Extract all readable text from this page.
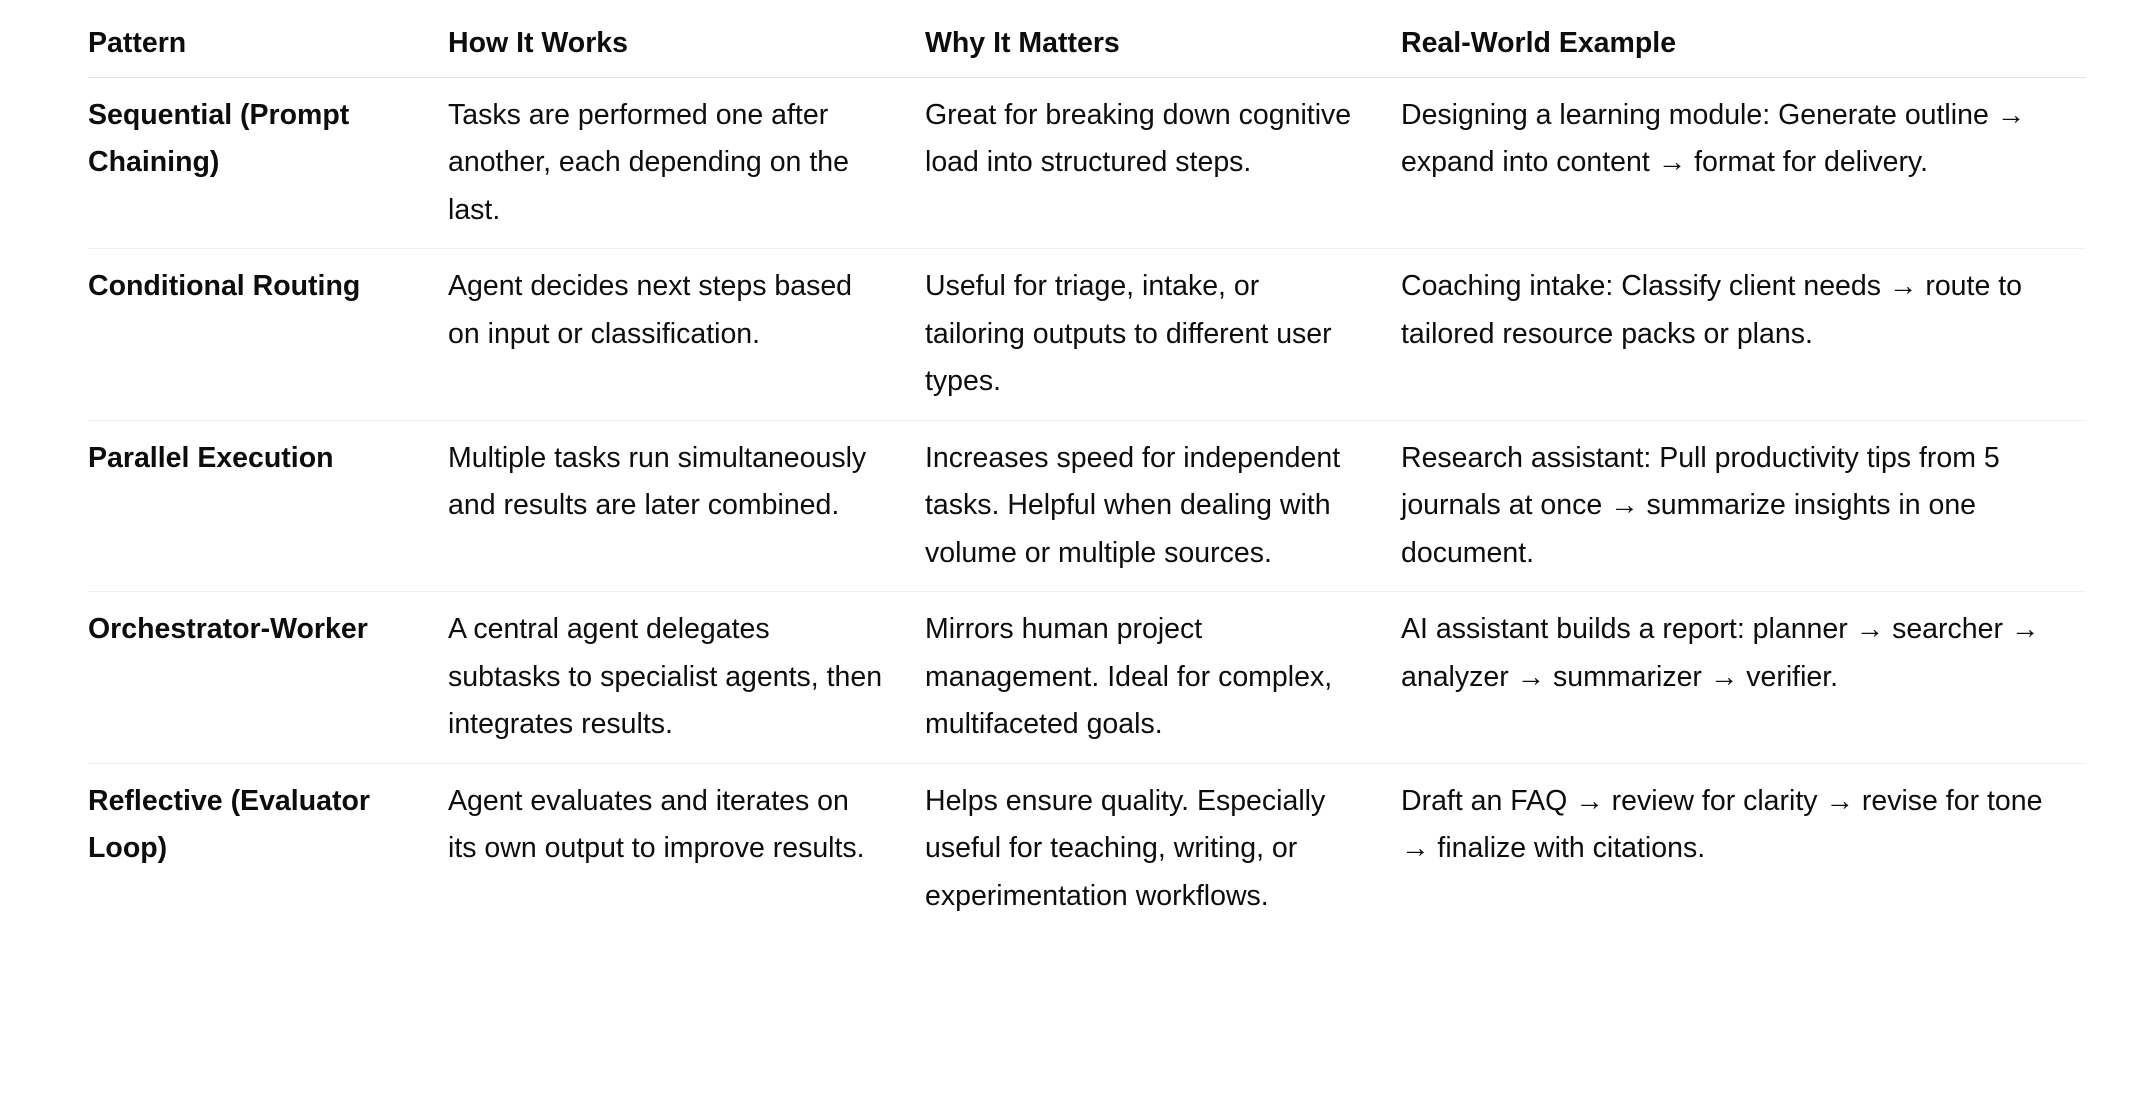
Pattern	How It Works	Why It Matters	Real-World Example
Sequential (Prompt Chaining)	Tasks are performed one after another, each depending on the last.	Great for breaking down cognitive load into structured steps.	Designing a learning module: Generate outline → expand into content → format for delivery.
Conditional Routing	Agent decides next steps based on input or classification.	Useful for triage, intake, or tailoring outputs to different user types.	Coaching intake: Classify client needs → route to tailored resource packs or plans.
Parallel Execution	Multiple tasks run simultaneously and results are later combined.	Increases speed for independent tasks. Helpful when dealing with volume or multiple sources.	Research assistant: Pull productivity tips from 5 journals at once → summarize insights in one document.
Orchestrator-Worker	A central agent delegates subtasks to specialist agents, then integrates results.	Mirrors human project management. Ideal for complex, multifaceted goals.	AI assistant builds a report: planner → searcher → analyzer → summarizer → verifier.
Reflective (Evaluator Loop)	Agent evaluates and iterates on its own output to improve results.	Helps ensure quality. Especially useful for teaching, writing, or experimentation workflows.	Draft an FAQ → review for clarity → revise for tone → finalize with citations.
